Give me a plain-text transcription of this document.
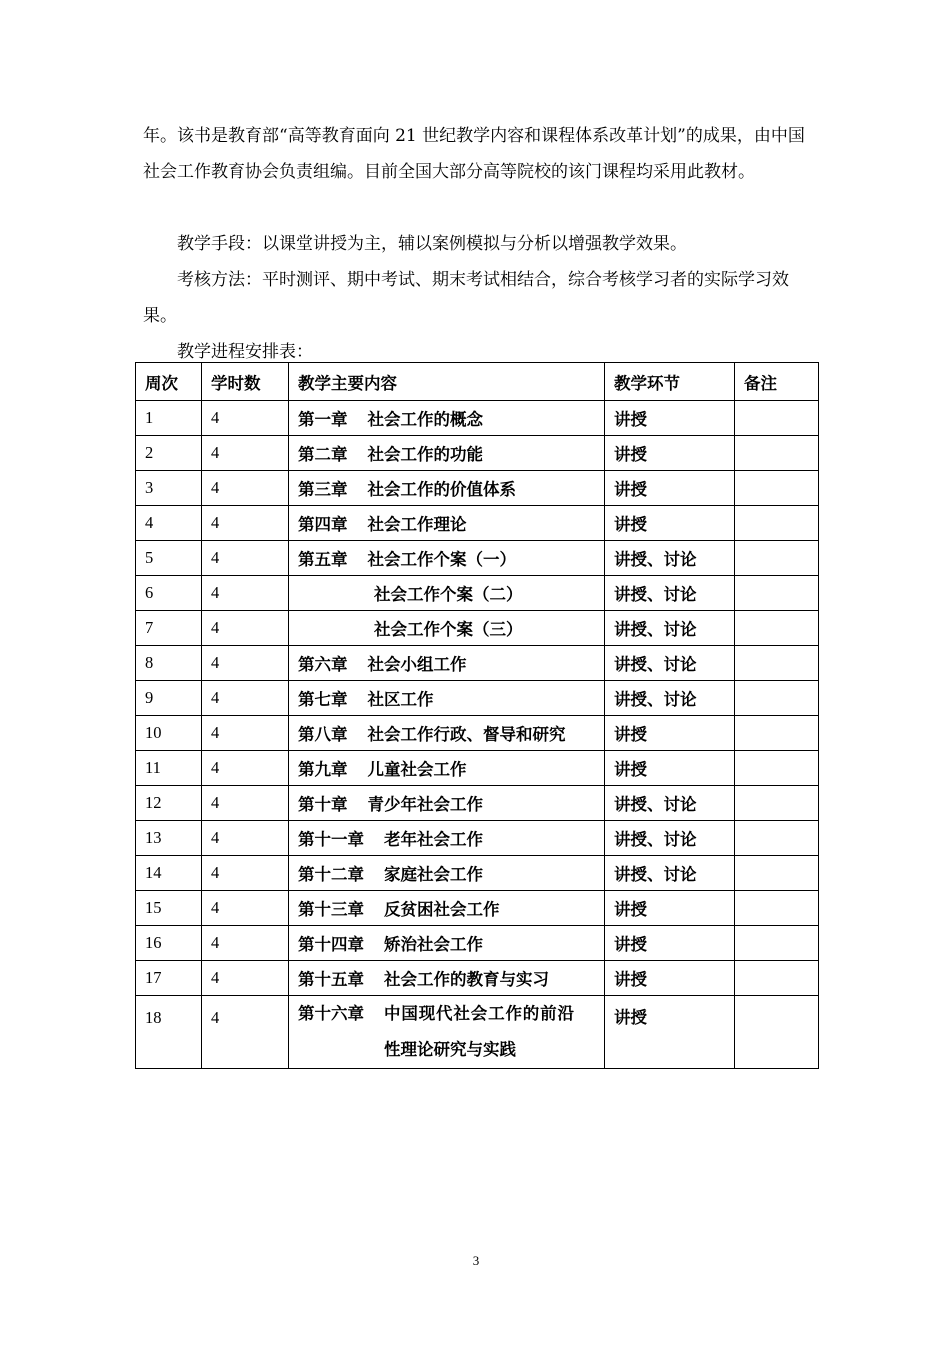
年。该书是教育部“高等教育面向 21 世纪教学内容和课程体系改革计划”的成果，由中国社会工作教育协会负责组编。目前全国大部分高等院校的该门课程均采用此教材。

教学手段：以课堂讲授为主，辅以案例模拟与分析以增强教学效果。

考核方法：平时测评、期中考试、期末考试相结合，综合考核学习者的实际学习效果。

教学进程安排表：

周次	学时数	教学主要内容	教学环节	备注
1	4	第一章 社会工作的概念	讲授	
2	4	第二章 社会工作的功能	讲授	
3	4	第三章 社会工作的价值体系	讲授	
4	4	第四章 社会工作理论	讲授	
5	4	第五章 社会工作个案（一）	讲授、讨论	
6	4	社会工作个案（二）	讲授、讨论	
7	4	社会工作个案（三）	讲授、讨论	
8	4	第六章 社会小组工作	讲授、讨论	
9	4	第七章 社区工作	讲授、讨论	
10	4	第八章 社会工作行政、督导和研究	讲授	
11	4	第九章 儿童社会工作	讲授	
12	4	第十章 青少年社会工作	讲授、讨论	
13	4	第十一章 老年社会工作	讲授、讨论	
14	4	第十二章 家庭社会工作	讲授、讨论	
15	4	第十三章 反贫困社会工作	讲授	
16	4	第十四章 矫治社会工作	讲授	
17	4	第十五章 社会工作的教育与实习	讲授	
18	4	第十六章 中国现代社会工作的前沿性理论研究与实践	讲授	
3
